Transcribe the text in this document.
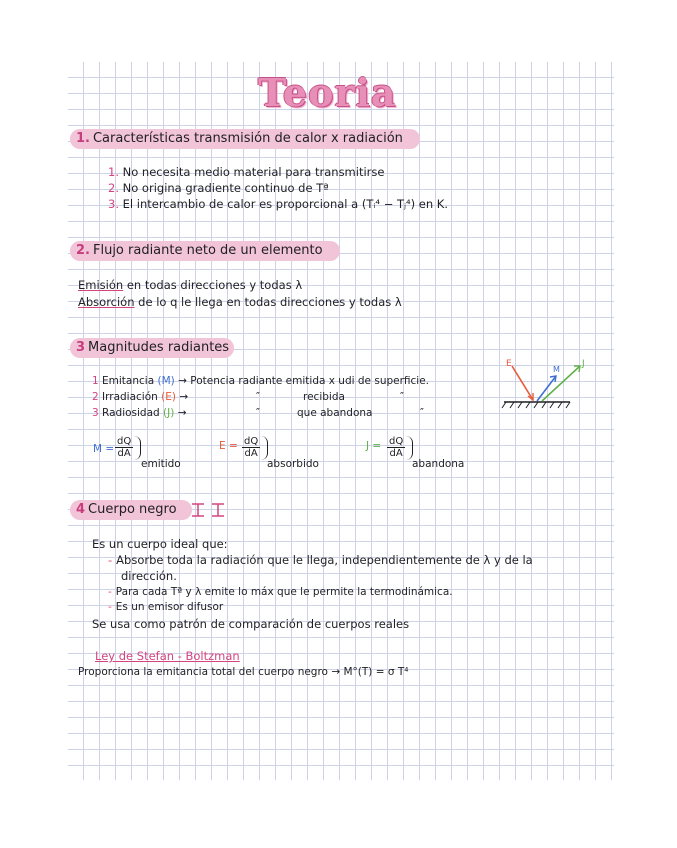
Teoria
1. Características transmisión de calor x radiación
1. No necesita medio material para transmitirse
2. No origina gradiente continuo de Tª
3. El intercambio de calor es proporcional a (Tᵢ⁴ − Tⱼ⁴) en K.
2. Flujo radiante neto de un elemento
Emisión en todas direcciones y todas λ
Absorción de lo q le llega en todas direcciones y todas λ
3 Magnitudes radiantes
1 Emitancia (M) → Potencia radiante emitida x udi de superficie.
2 Irradiación (E) →	″	recibida	″
3 Radiosidad (J) →	″	que abandona	″
E
M
J
$M = \frac{dQ}{dA}$
emitido
$E = \frac{dQ}{dA}$
absorbido
$J = \frac{dQ}{dA}$
abandona
4 Cuerpo negro
Es un cuerpo ideal que:
- Absorbe toda la radiación que le llega, independientemente de λ y de la
dirección.
- Para cada Tª y λ emite lo máx que le permite la termodinámica.
- Es un emisor difusor
Se usa como patrón de comparación de cuerpos reales
Ley de Stefan - Boltzman
Proporciona la emitancia total del cuerpo negro → M°(T) = σ T⁴
